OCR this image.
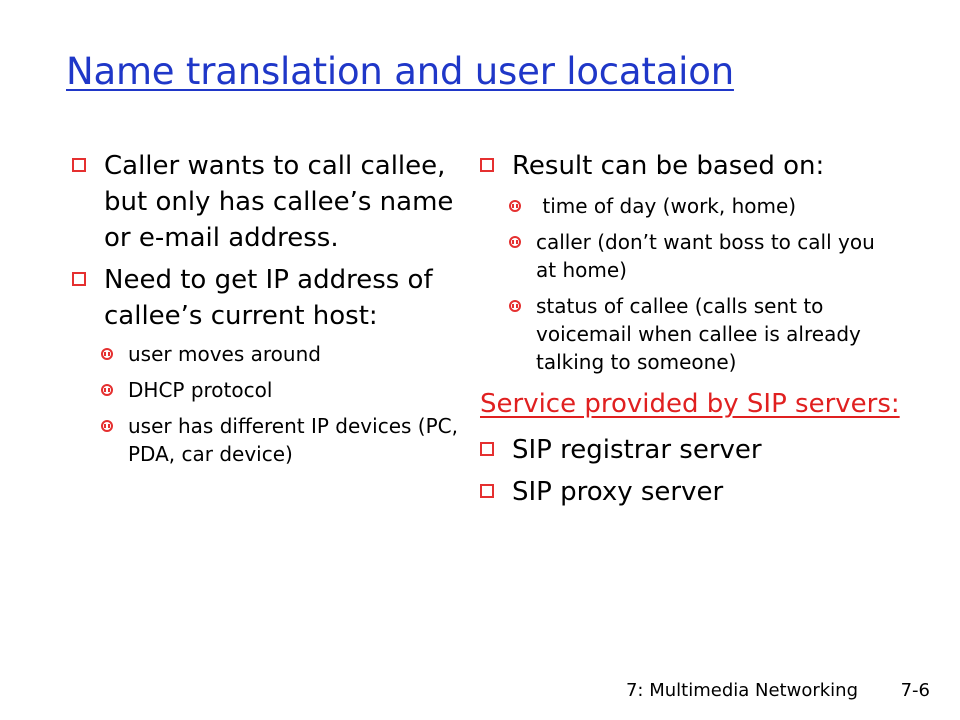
Name translation and user locataion
Caller wants to call callee, but only has callee’s name or e-mail address.
Need to get IP address of callee’s current host:
user moves around
DHCP protocol
user has different IP devices (PC, PDA, car device)
Result can be based on:
time of day (work, home)
caller (don’t want boss to call you at home)
status of callee (calls sent to voicemail when callee is already talking to someone)
Service provided by SIP servers:
SIP registrar server
SIP proxy server
7: Multimedia Networking 7-6
